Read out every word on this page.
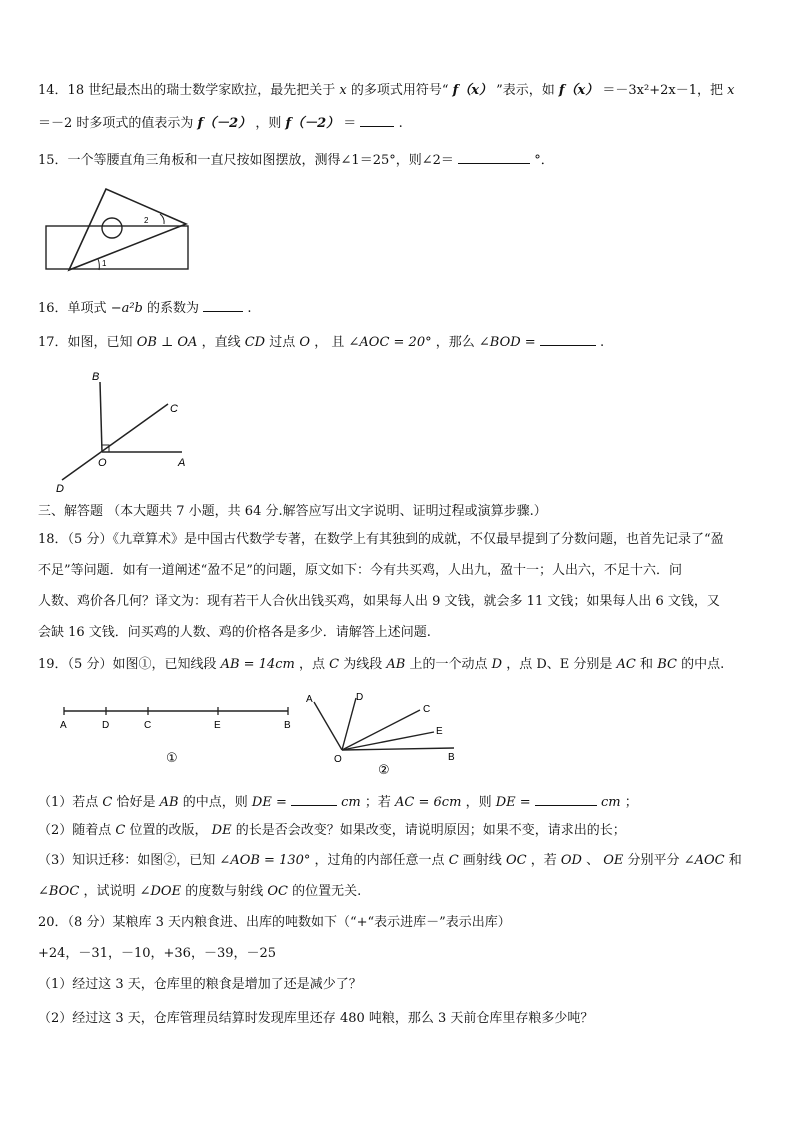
14．18 世纪最杰出的瑞士数学家欧拉，最先把关于 x 的多项式用符号“ f（x） ”表示，如 f（x） ＝－3x²+2x－1，把 x
＝－2 时多项式的值表示为 f（－2） ，则 f（－2） ＝	.
15．一个等腰直角三角板和一直尺按如图摆放，测得∠1＝25°，则∠2＝	°．
2
1
16．单项式 −a²b 的系数为	.
17．如图，已知 OB ⊥ OA ，直线 CD 过点 O ， 且 ∠AOC = 20° ，那么 ∠BOD =	.
B
C
O	A
D
三、解答题 （本大题共 7 小题，共 64 分.解答应写出文字说明、证明过程或演算步骤.）
18．（5 分）《九章算术》是中国古代数学专著，在数学上有其独到的成就，不仅最早提到了分数问题，也首先记录了“盈
不足”等问题．如有一道阐述“盈不足”的问题，原文如下：今有共买鸡，人出九，盈十一；人出六，不足十六．问
人数、鸡价各几何？译文为：现有若干人合伙出钱买鸡，如果每人出 9 文钱，就会多 11 文钱；如果每人出 6 文钱，又
会缺 16 文钱．问买鸡的人数、鸡的价格各是多少．请解答上述问题.
19．（5 分）如图①，已知线段 AB = 14cm ，点 C 为线段 AB 上的一个动点 D ，点 D、E 分别是 AC 和 BC 的中点.
A	D	C	E	B
①
A	D
C
E
O	B
②
（1）若点 C 恰好是 AB 的中点，则 DE =	cm ；若 AC = 6cm ，则 DE =	cm ；
（2）随着点 C 位置的改版， DE 的长是否会改变？如果改变，请说明原因；如果不变，请求出的长；
（3）知识迁移：如图②，已知 ∠AOB = 130° ，过角的内部任意一点 C 画射线 OC ，若 OD 、 OE 分别平分 ∠AOC 和
∠BOC ，试说明 ∠DOE 的度数与射线 OC 的位置无关.
20．（8 分）某粮库 3 天内粮食进、出库的吨数如下（“+“表示进库－”表示出库）
+24，－31，－10，+36，－39，－25
（1）经过这 3 天，仓库里的粮食是增加了还是减少了？
（2）经过这 3 天，仓库管理员结算时发现库里还存 480 吨粮，那么 3 天前仓库里存粮多少吨？
